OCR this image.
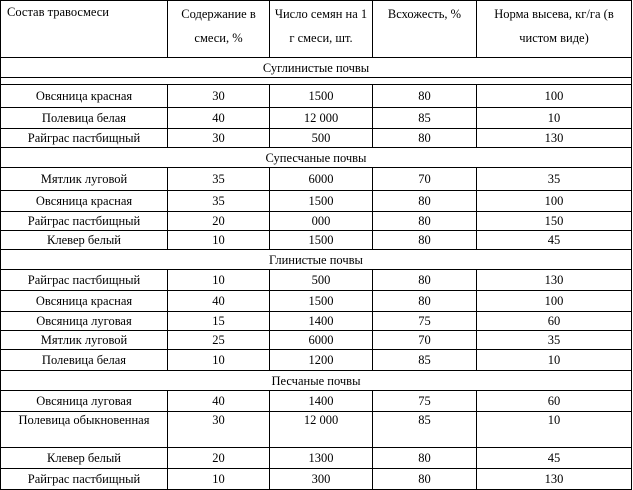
Состав травосмеси	Содержание в смеси, %	Число семян на 1 г смеси, шт.	Всхожесть, %	Норма высева, кг/га (в чистом виде)
Суглинистые почвы				

Овсяница красная	30	1500	80	100
Полевица белая	40	12 000	85	10
Райграс пастбищный	30	500	80	130
Супесчаные почвы				
Мятлик луговой	35	6000	70	35
Овсяница красная	35	1500	80	100
Райграс пастбищный	20	000	80	150
Клевер белый	10	1500	80	45
Глинистые почвы				
Райграс пастбищный	10	500	80	130
Овсяница красная	40	1500	80	100
Овсяница луговая	15	1400	75	60
Мятлик луговой	25	6000	70	35
Полевица белая	10	1200	85	10
Песчаные почвы				
Овсяница луговая	40	1400	75	60
Полевица обыкновенная	30	12 000	85	10
Клевер белый	20	1300	80	45
Райграс пастбищный	10	300	80	130
